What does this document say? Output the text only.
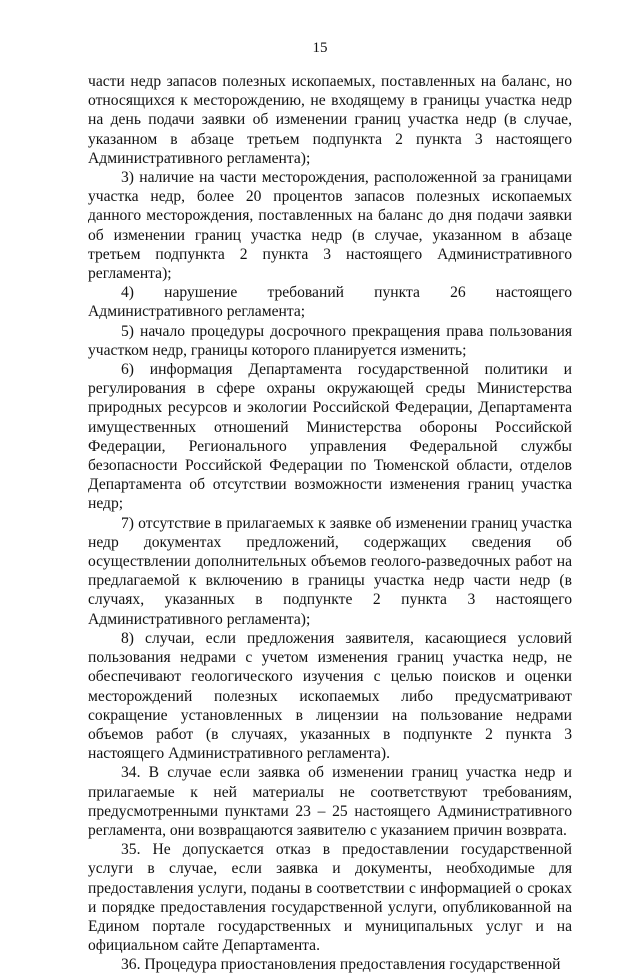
15

части недр запасов полезных ископаемых, поставленных на баланс, но относящихся к месторождению, не входящему в границы участка недр на день подачи заявки об изменении границ участка недр (в случае, указанном в абзаце третьем подпункта 2 пункта 3 настоящего Административного регламента);

3) наличие на части месторождения, расположенной за границами участка недр, более 20 процентов запасов полезных ископаемых данного месторождения, поставленных на баланс до дня подачи заявки об изменении границ участка недр (в случае, указанном в абзаце третьем подпункта 2 пункта 3 настоящего Административного регламента);

4) нарушение требований пункта 26 настоящего Административного регламента;

5) начало процедуры досрочного прекращения права пользования участком недр, границы которого планируется изменить;

6) информация Департамента государственной политики и регулирования в сфере охраны окружающей среды Министерства природных ресурсов и экологии Российской Федерации, Департамента имущественных отношений Министерства обороны Российской Федерации, Регионального управления Федеральной службы безопасности Российской Федерации по Тюменской области, отделов Департамента об отсутствии возможности изменения границ участка недр;

7) отсутствие в прилагаемых к заявке об изменении границ участка недр документах предложений, содержащих сведения об осуществлении дополнительных объемов геолого-разведочных работ на предлагаемой к включению в границы участка недр части недр (в случаях, указанных в подпункте 2 пункта 3 настоящего Административного регламента);

8) случаи, если предложения заявителя, касающиеся условий пользования недрами с учетом изменения границ участка недр, не обеспечивают геологического изучения с целью поисков и оценки месторождений полезных ископаемых либо предусматривают сокращение установленных в лицензии на пользование недрами объемов работ (в случаях, указанных в подпункте 2 пункта 3 настоящего Административного регламента).

34. В случае если заявка об изменении границ участка недр и прилагаемые к ней материалы не соответствуют требованиям, предусмотренными пунктами 23 – 25 настоящего Административного регламента, они возвращаются заявителю с указанием причин возврата.

35. Не допускается отказ в предоставлении государственной услуги в случае, если заявка и документы, необходимые для предоставления услуги, поданы в соответствии с информацией о сроках и порядке предоставления государственной услуги, опубликованной на Едином портале государственных и муниципальных услуг и на официальном сайте Департамента.

36. Процедура приостановления предоставления государственной
